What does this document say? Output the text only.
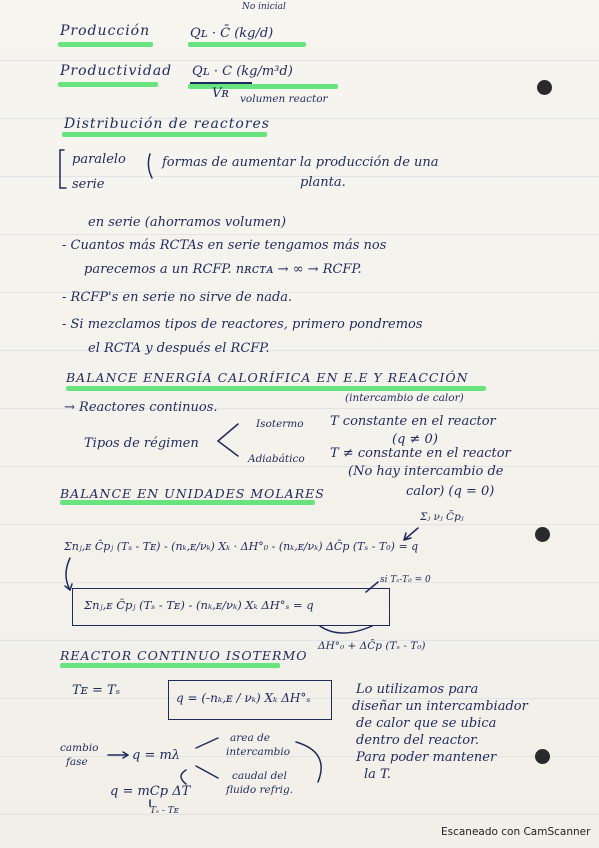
Producción	Qʟ · C̄ (kg/d)
No inicial
Productividad Qʟ · C (kg/m³d)
Vʀ volumen reactor
Distribución de reactores
paralelo
serie
formas de aumentar la producción de una
planta.
en serie (ahorramos volumen)
- Cuantos más RCTAs en serie tengamos más nos
parecemos a un RCFP. nʀᴄᴛᴀ → ∞ → RCFP.
- RCFP's en serie no sirve de nada.
- Si mezclamos tipos de reactores, primero pondremos
el RCTA y después el RCFP.
BALANCE ENERGÍA CALORÍFICA EN E.E Y REACCIÓN
(intercambio de calor)
→ Reactores continuos.
Isotermo T constante en el reactor
(q ≠ 0)
Tipos de régimen
Adiabático T ≠ constante en el reactor
(No hay intercambio de
calor) (q = 0)
BALANCE EN UNIDADES MOLARES
Σⱼ νⱼ C̄pⱼ
Σnⱼ,ᴇ C̄pⱼ (Tₛ - Tᴇ) - (nₖ,ᴇ/νₖ) Xₖ · ΔH°₀ - (nₖ,ᴇ/νₖ) ΔC̄p (Tₛ - T₀) = q
si Tₛ-T₀ = 0
Σnⱼ,ᴇ C̄pⱼ (Tₛ - Tᴇ) - (nₖ,ᴇ/νₖ) Xₖ ΔH°ₛ = q
ΔH°₀ + ΔC̄p (Tₛ - T₀)
REACTOR CONTINUO ISOTERMO
Tᴇ = Tₛ	q = (-nₖ,ᴇ / νₖ) Xₖ ΔH°ₛ
Lo utilizamos para
diseñar un intercambiador
de calor que se ubica
dentro del reactor.
Para poder mantener
la T.
cambio
fase	q = mλ
area de
intercambio
caudal del
fluido refrig.
q = mCp ΔT
Tₛ - Tᴇ
Escaneado con CamScanner
